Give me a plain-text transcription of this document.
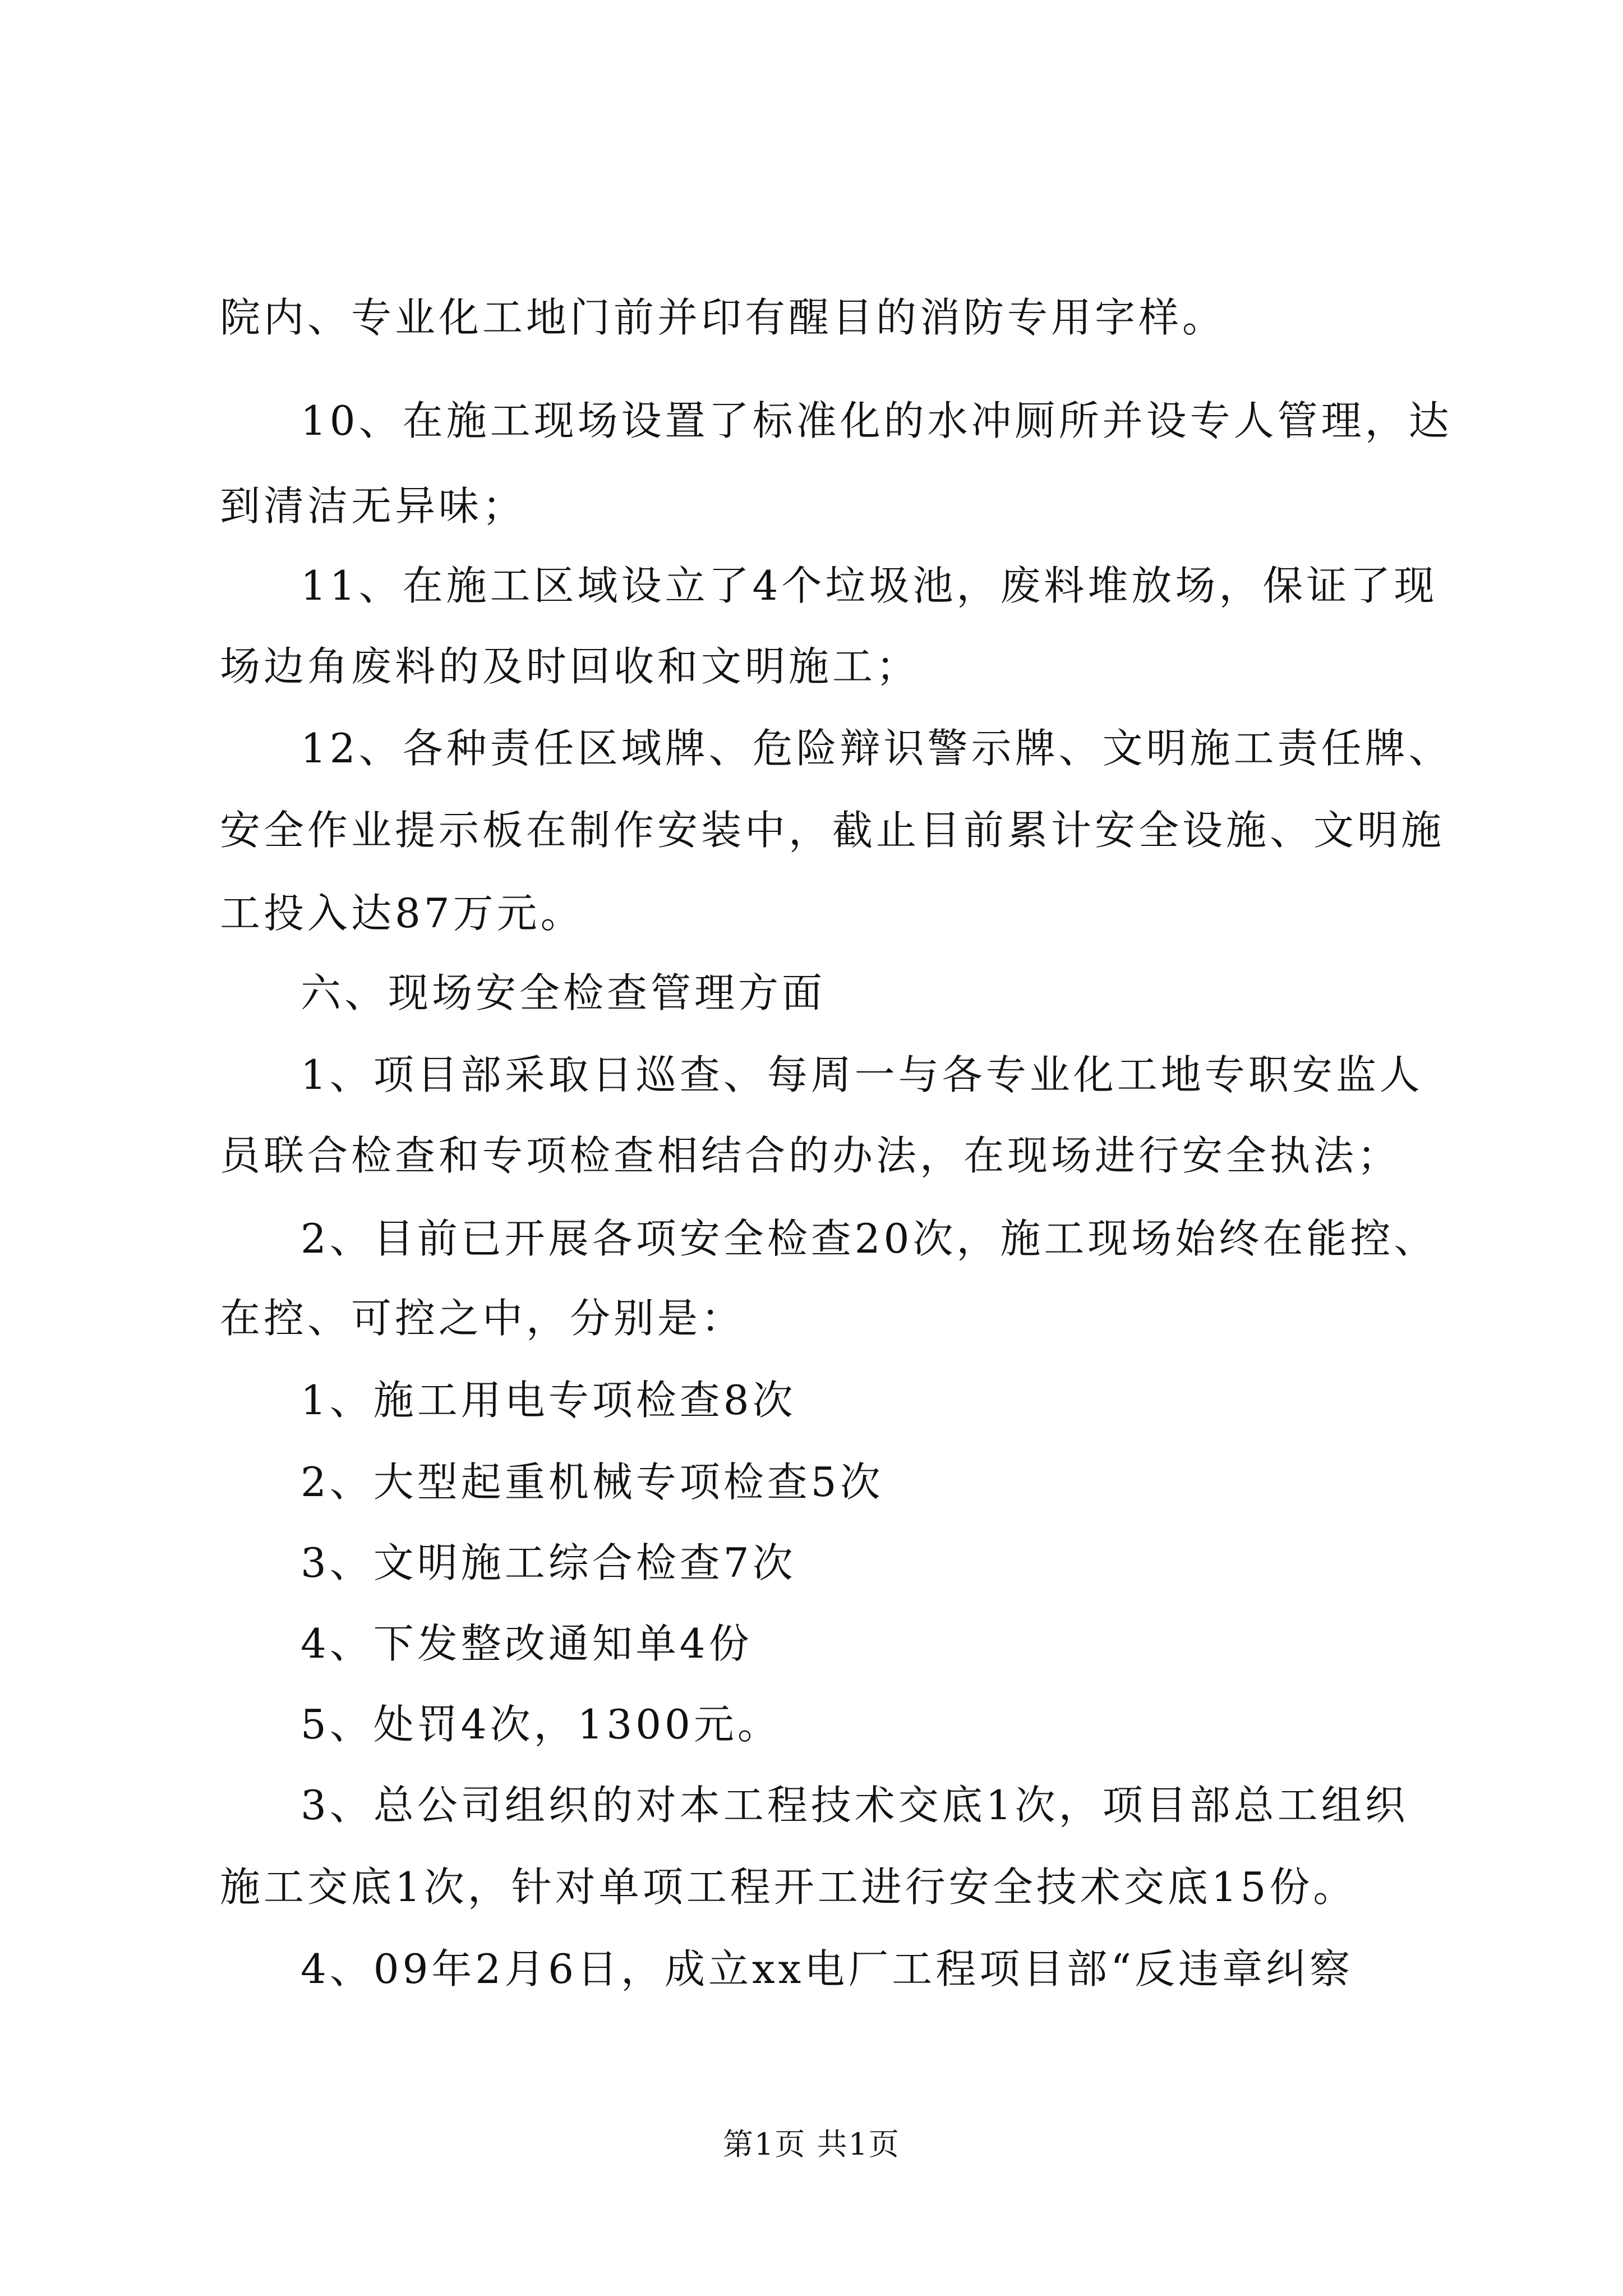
院内、专业化工地门前并印有醒目的消防专用字样。
10、在施工现场设置了标准化的水冲厕所并设专人管理，达
到清洁无异味；
11、在施工区域设立了4个垃圾池，废料堆放场，保证了现
场边角废料的及时回收和文明施工；
12、各种责任区域牌、危险辩识警示牌、文明施工责任牌、
安全作业提示板在制作安装中，截止目前累计安全设施、文明施
工投入达87万元。
六、现场安全检查管理方面
1、项目部采取日巡查、每周一与各专业化工地专职安监人
员联合检查和专项检查相结合的办法，在现场进行安全执法；
2、目前已开展各项安全检查20次，施工现场始终在能控、
在控、可控之中，分别是：
1、施工用电专项检查8次
2、大型起重机械专项检查5次
3、文明施工综合检查7次
4、下发整改通知单4份
5、处罚4次，1300元。
3、总公司组织的对本工程技术交底1次，项目部总工组织
施工交底1次，针对单项工程开工进行安全技术交底15份。
4、09年2月6日，成立xx电厂工程项目部“反违章纠察
第1页 共1页
